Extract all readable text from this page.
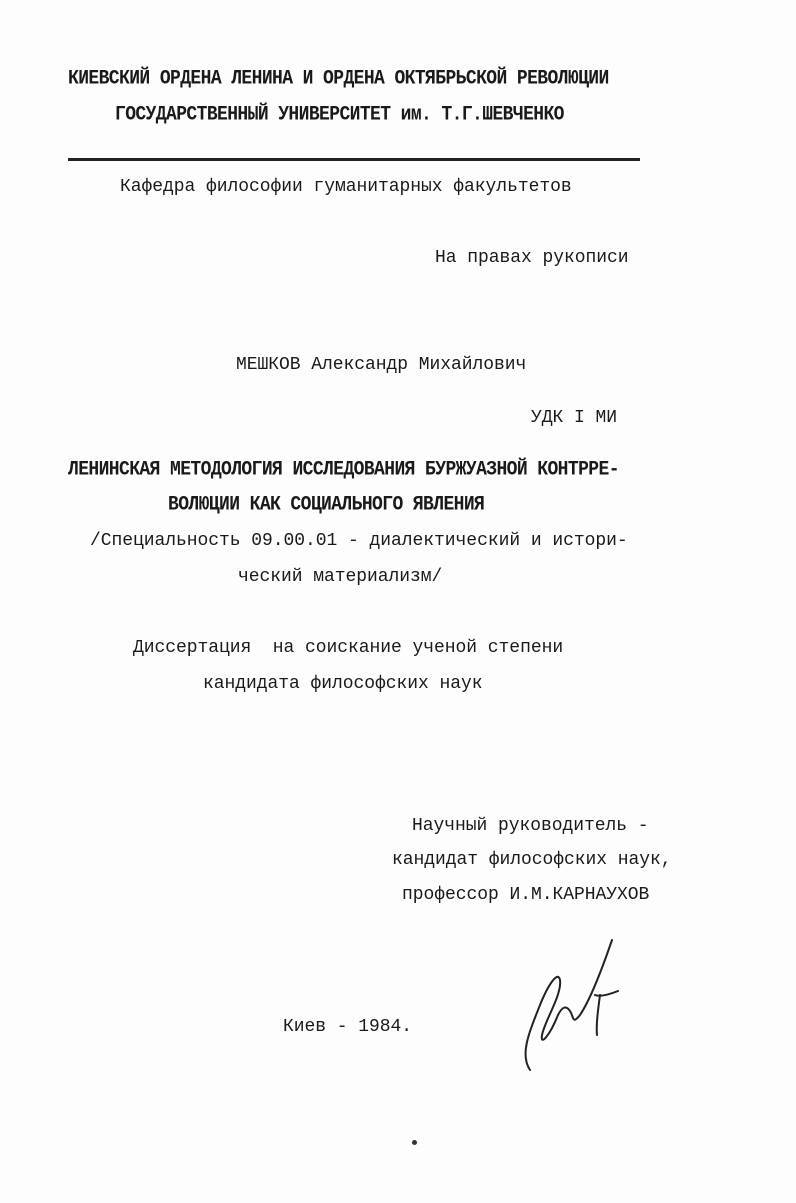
КИЕВСКИЙ ОРДЕНА ЛЕНИНА И ОРДЕНА ОКТЯБРЬСКОЙ РЕВОЛЮЦИИ
ГОСУДАРСТВЕННЫЙ УНИВЕРСИТЕТ им. Т.Г.ШЕВЧЕНКО
Кафедра философии гуманитарных факультетов
На правах рукописи
МЕШКОВ Александр Михайлович
УДК I МИ
ЛЕНИНСКАЯ МЕТОДОЛОГИЯ ИССЛЕДОВАНИЯ БУРЖУАЗНОЙ КОНТРРЕ-
ВОЛЮЦИИ КАК СОЦИАЛЬНОГО ЯВЛЕНИЯ
/Специальность 09.00.01 - диалектический и истори-
ческий материализм/
Диссертация  на соискание ученой степени
кандидата философских наук
Научный руководитель -
кандидат философских наук,
профессор И.М.КАРНАУХОВ
Киев - 1984.
